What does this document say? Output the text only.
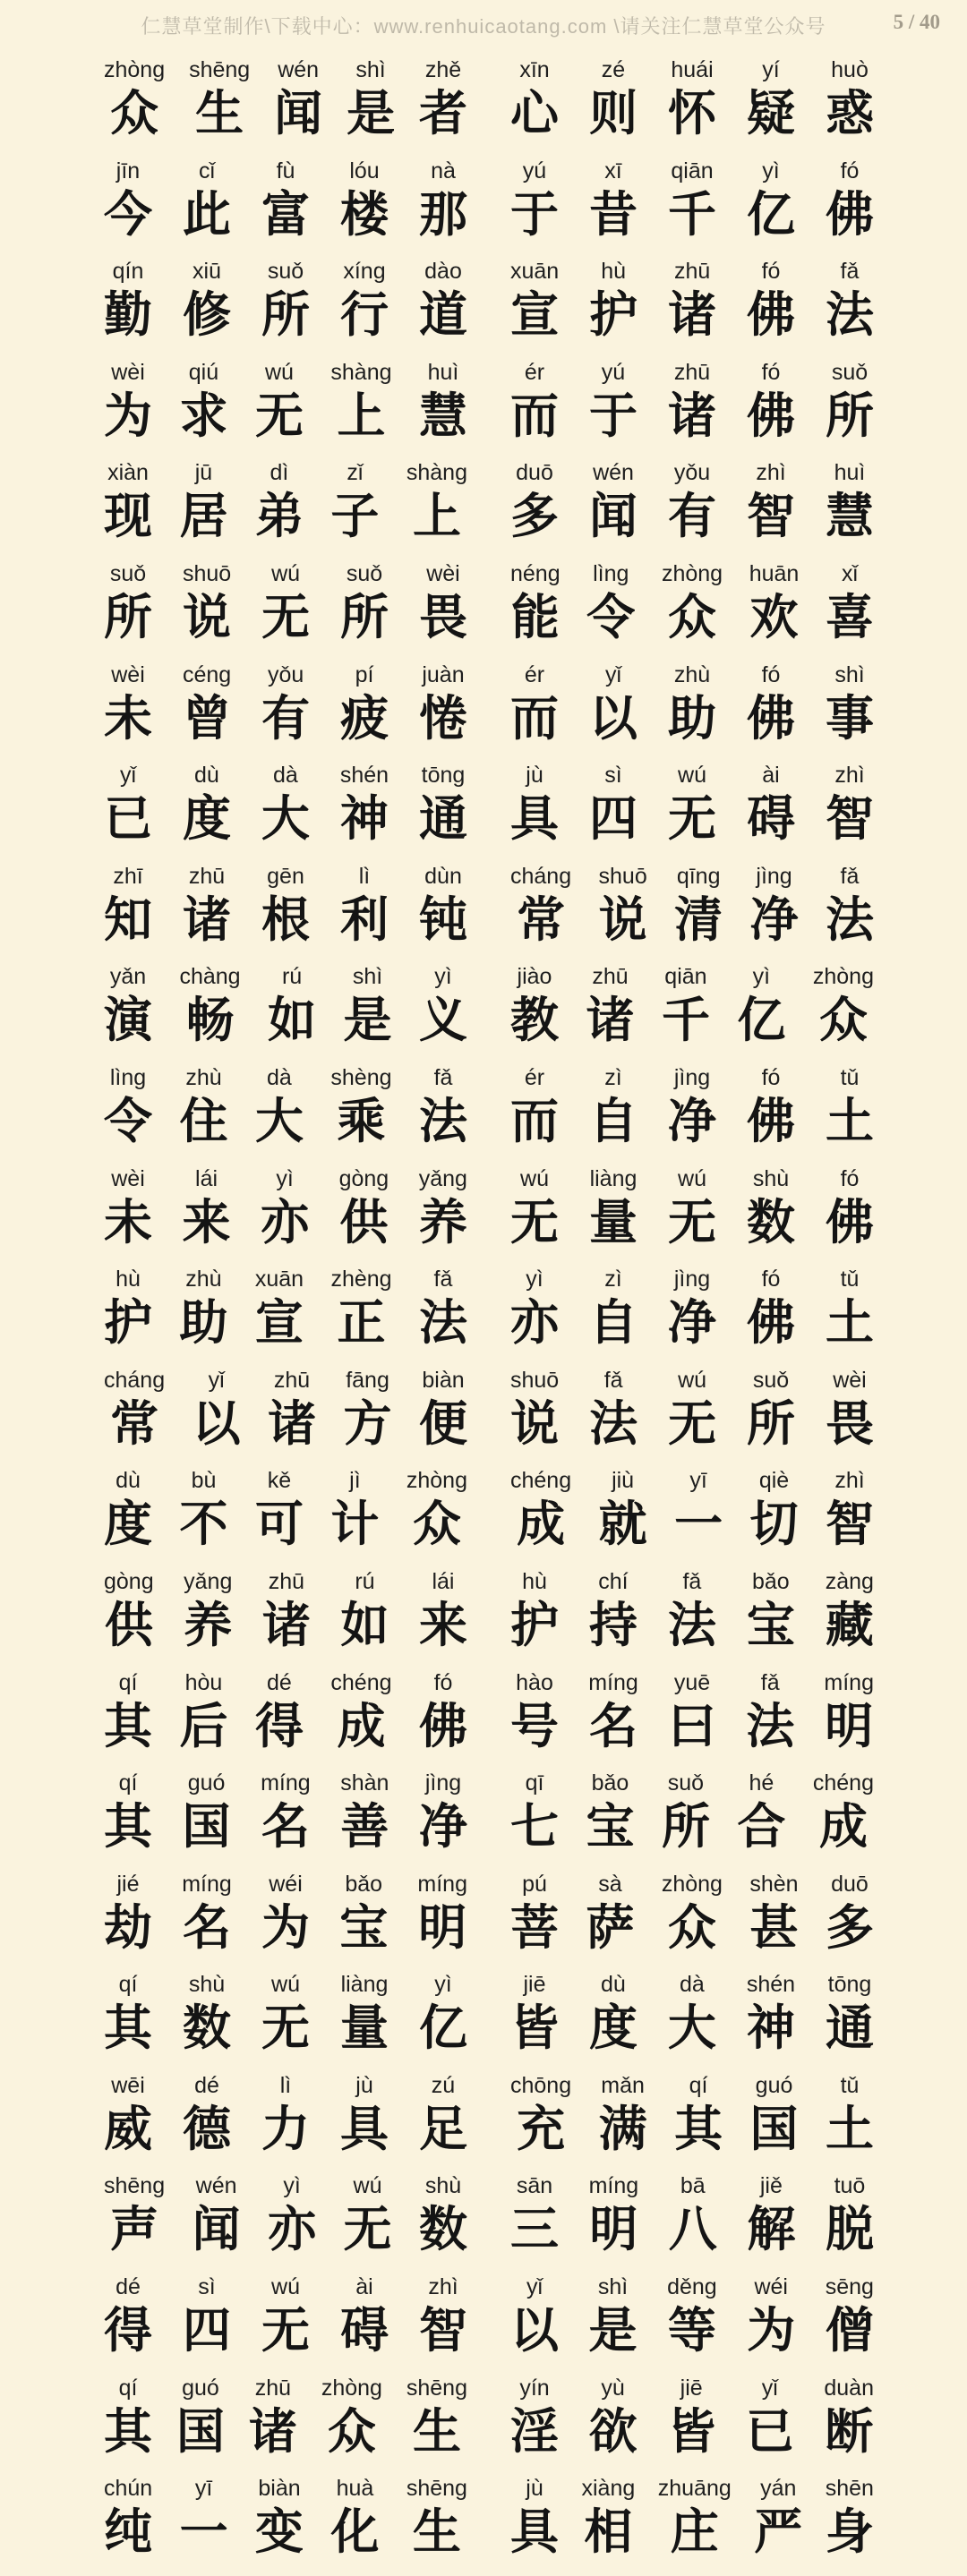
仁慧草堂制作\下载中心：www.renhuicaotang.com \请关注仁慧草堂公众号	5 / 40
zhòng
众
shēng
生
wén
闻
shì
是
zhě
者
xīn
心
zé
则
huái
怀
yí
疑
huò
惑
jīn
今
cǐ
此
fù
富
lóu
楼
nà
那
yú
于
xī
昔
qiān
千
yì
亿
fó
佛
qín
勤
xiū
修
suǒ
所
xíng
行
dào
道
xuān
宣
hù
护
zhū
诸
fó
佛
fǎ
法
wèi
为
qiú
求
wú
无
shàng
上
huì
慧
ér
而
yú
于
zhū
诸
fó
佛
suǒ
所
xiàn
现
jū
居
dì
弟
zǐ
子
shàng
上
duō
多
wén
闻
yǒu
有
zhì
智
huì
慧
suǒ
所
shuō
说
wú
无
suǒ
所
wèi
畏
néng
能
lìng
令
zhòng
众
huān
欢
xǐ
喜
wèi
未
céng
曾
yǒu
有
pí
疲
juàn
惓
ér
而
yǐ
以
zhù
助
fó
佛
shì
事
yǐ
已
dù
度
dà
大
shén
神
tōng
通
jù
具
sì
四
wú
无
ài
碍
zhì
智
zhī
知
zhū
诸
gēn
根
lì
利
dùn
钝
cháng
常
shuō
说
qīng
清
jìng
净
fǎ
法
yǎn
演
chàng
畅
rú
如
shì
是
yì
义
jiào
教
zhū
诸
qiān
千
yì
亿
zhòng
众
lìng
令
zhù
住
dà
大
shèng
乘
fǎ
法
ér
而
zì
自
jìng
净
fó
佛
tǔ
土
wèi
未
lái
来
yì
亦
gòng
供
yǎng
养
wú
无
liàng
量
wú
无
shù
数
fó
佛
hù
护
zhù
助
xuān
宣
zhèng
正
fǎ
法
yì
亦
zì
自
jìng
净
fó
佛
tǔ
土
cháng
常
yǐ
以
zhū
诸
fāng
方
biàn
便
shuō
说
fǎ
法
wú
无
suǒ
所
wèi
畏
dù
度
bù
不
kě
可
jì
计
zhòng
众
chéng
成
jiù
就
yī
一
qiè
切
zhì
智
gòng
供
yǎng
养
zhū
诸
rú
如
lái
来
hù
护
chí
持
fǎ
法
bǎo
宝
zàng
藏
qí
其
hòu
后
dé
得
chéng
成
fó
佛
hào
号
míng
名
yuē
曰
fǎ
法
míng
明
qí
其
guó
国
míng
名
shàn
善
jìng
净
qī
七
bǎo
宝
suǒ
所
hé
合
chéng
成
jié
劫
míng
名
wéi
为
bǎo
宝
míng
明
pú
菩
sà
萨
zhòng
众
shèn
甚
duō
多
qí
其
shù
数
wú
无
liàng
量
yì
亿
jiē
皆
dù
度
dà
大
shén
神
tōng
通
wēi
威
dé
德
lì
力
jù
具
zú
足
chōng
充
mǎn
满
qí
其
guó
国
tǔ
土
shēng
声
wén
闻
yì
亦
wú
无
shù
数
sān
三
míng
明
bā
八
jiě
解
tuō
脱
dé
得
sì
四
wú
无
ài
碍
zhì
智
yǐ
以
shì
是
děng
等
wéi
为
sēng
僧
qí
其
guó
国
zhū
诸
zhòng
众
shēng
生
yín
淫
yù
欲
jiē
皆
yǐ
已
duàn
断
chún
纯
yī
一
biàn
变
huà
化
shēng
生
jù
具
xiàng
相
zhuāng
庄
yán
严
shēn
身
